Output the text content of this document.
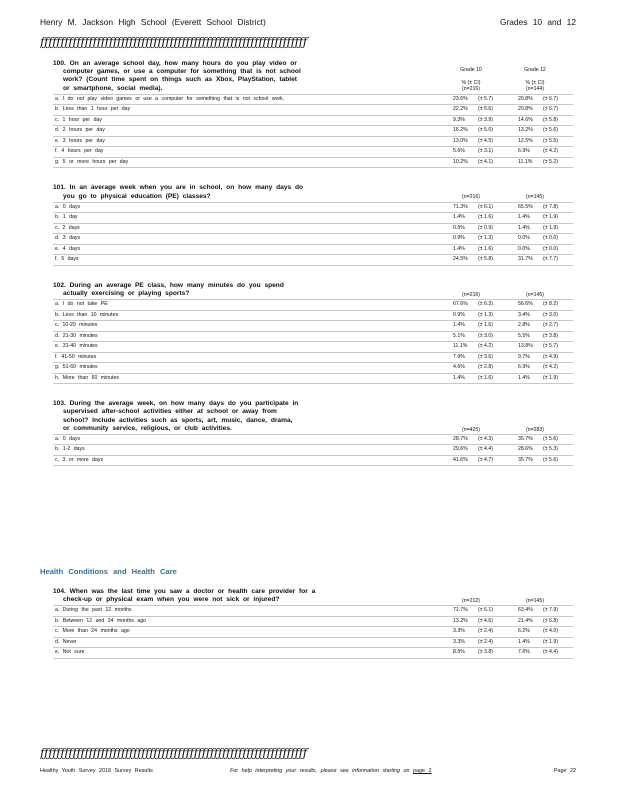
Henry M. Jackson High School (Everett School District)	Grades 10 and 12
ƒƒƒƒƒƒƒƒƒƒƒƒƒƒƒƒƒƒƒƒƒƒƒƒƒƒƒƒƒƒƒƒƒƒƒƒƒƒƒƒƒƒƒƒƒƒƒƒƒƒƒƒƒƒƒƒƒƒƒƒƒƒƒƒƒƒ
100. On an average school day, how many hours do you play video or
computer games, or use a computer for something that is not school
work? (Count time spent on things such as Xbox, PlayStation, tablet
or smartphone, social media).
Grade 10
% (± CI)
(n=216)
Grade 12
% (± CI)
(n=144)
a. I do not play video games or use a computer for something that is not school work.	23.6% (± 5.7)	20.8% (± 6.7)
b. Less than 1 hour per day	22.2% (± 5.6)	20.8% (± 6.7)
c. 1 hour per day	9.3%	(± 3.9)	14.6% (± 5.8)
d. 2 hours per day	16.2% (± 5.0)	13.2% (± 5.6)
e. 3 hours per day	13.0% (± 4.5)	12.5% (± 5.5)
f. 4 hours per day	5.6%	(± 3.1)	6.9%	(± 4.2)
g. 5 or more hours per day	10.2% (± 4.1)	11.1% (± 5.2)
101. In an average week when you are in school, on how many days do
you go to physical education (PE) classes?	(n=216)	(n=145)
a. 0 days	71.3% (± 6.1)	65.5% (± 7.8)
b. 1 day	1.4%	(± 1.6)	1.4%	(± 1.9)
c. 2 days	0.5%	(± 0.9)	1.4%	(± 1.9)
d. 3 days	0.9%	(± 1.3)	0.0%	(± 0.0)
e. 4 days	1.4%	(± 1.6)	0.0%	(± 0.0)
f. 5 days	24.5% (± 5.8)	31.7% (± 7.7)
102. During an average PE class, how many minutes do you spend
actually exercising or playing sports?	(n=216)	(n=145)
a. I do not take PE	67.6% (± 6.3)	56.6% (± 8.2)
b. Less than 10 minutes	0.9%	(± 1.3)	3.4%	(± 3.0)
c. 10-20 minutes	1.4%	(± 1.6)	2.8%	(± 2.7)
d. 21-30 minutes	5.1%	(± 3.0)	5.5%	(± 3.8)
e. 31-40 minutes	11.1% (± 4.2)	13.8% (± 5.7)
f. 41-50 minutes	7.9%	(± 3.6)	9.7%	(± 4.9)
g. 51-60 minutes	4.6%	(± 2.8)	6.9%	(± 4.2)
h. More than 60 minutes	1.4%	(± 1.6)	1.4%	(± 1.9)
103. During the average week, on how many days do you participate in
supervised after-school activities either at school or away from
school? Include activities such as sports, art, music, dance, drama,
or community service, religious, or club activities.	(n=425)	(n=283)
a. 0 days	28.7% (± 4.3)	35.7% (± 5.6)
b. 1-2 days	29.6% (± 4.4)	28.6% (± 5.3)
c. 3 or more days	41.6% (± 4.7)	35.7% (± 5.6)
Health Conditions and Health Care
104. When was the last time you saw a doctor or health care provider for a
check-up or physical exam when you were not sick or injured?	(n=212)	(n=145)
a. During the past 12 months	71.7% (± 6.1)	63.4% (± 7.9)
b. Between 12 and 24 months ago	13.2% (± 4.6)	21.4% (± 6.8)
c. More than 24 months ago	3.3%	(± 2.4)	6.2%	(± 4.0)
d. Never	3.3%	(± 2.4)	1.4%	(± 1.9)
e. Not sure	8.5%	(± 3.8)	7.6%	(± 4.4)
ƒƒƒƒƒƒƒƒƒƒƒƒƒƒƒƒƒƒƒƒƒƒƒƒƒƒƒƒƒƒƒƒƒƒƒƒƒƒƒƒƒƒƒƒƒƒƒƒƒƒƒƒƒƒƒƒƒƒƒƒƒƒƒƒƒƒ
Healthy Youth Survey 2018 Survey Results	For help interpreting your results, please see information starting on page 2	Page 22
